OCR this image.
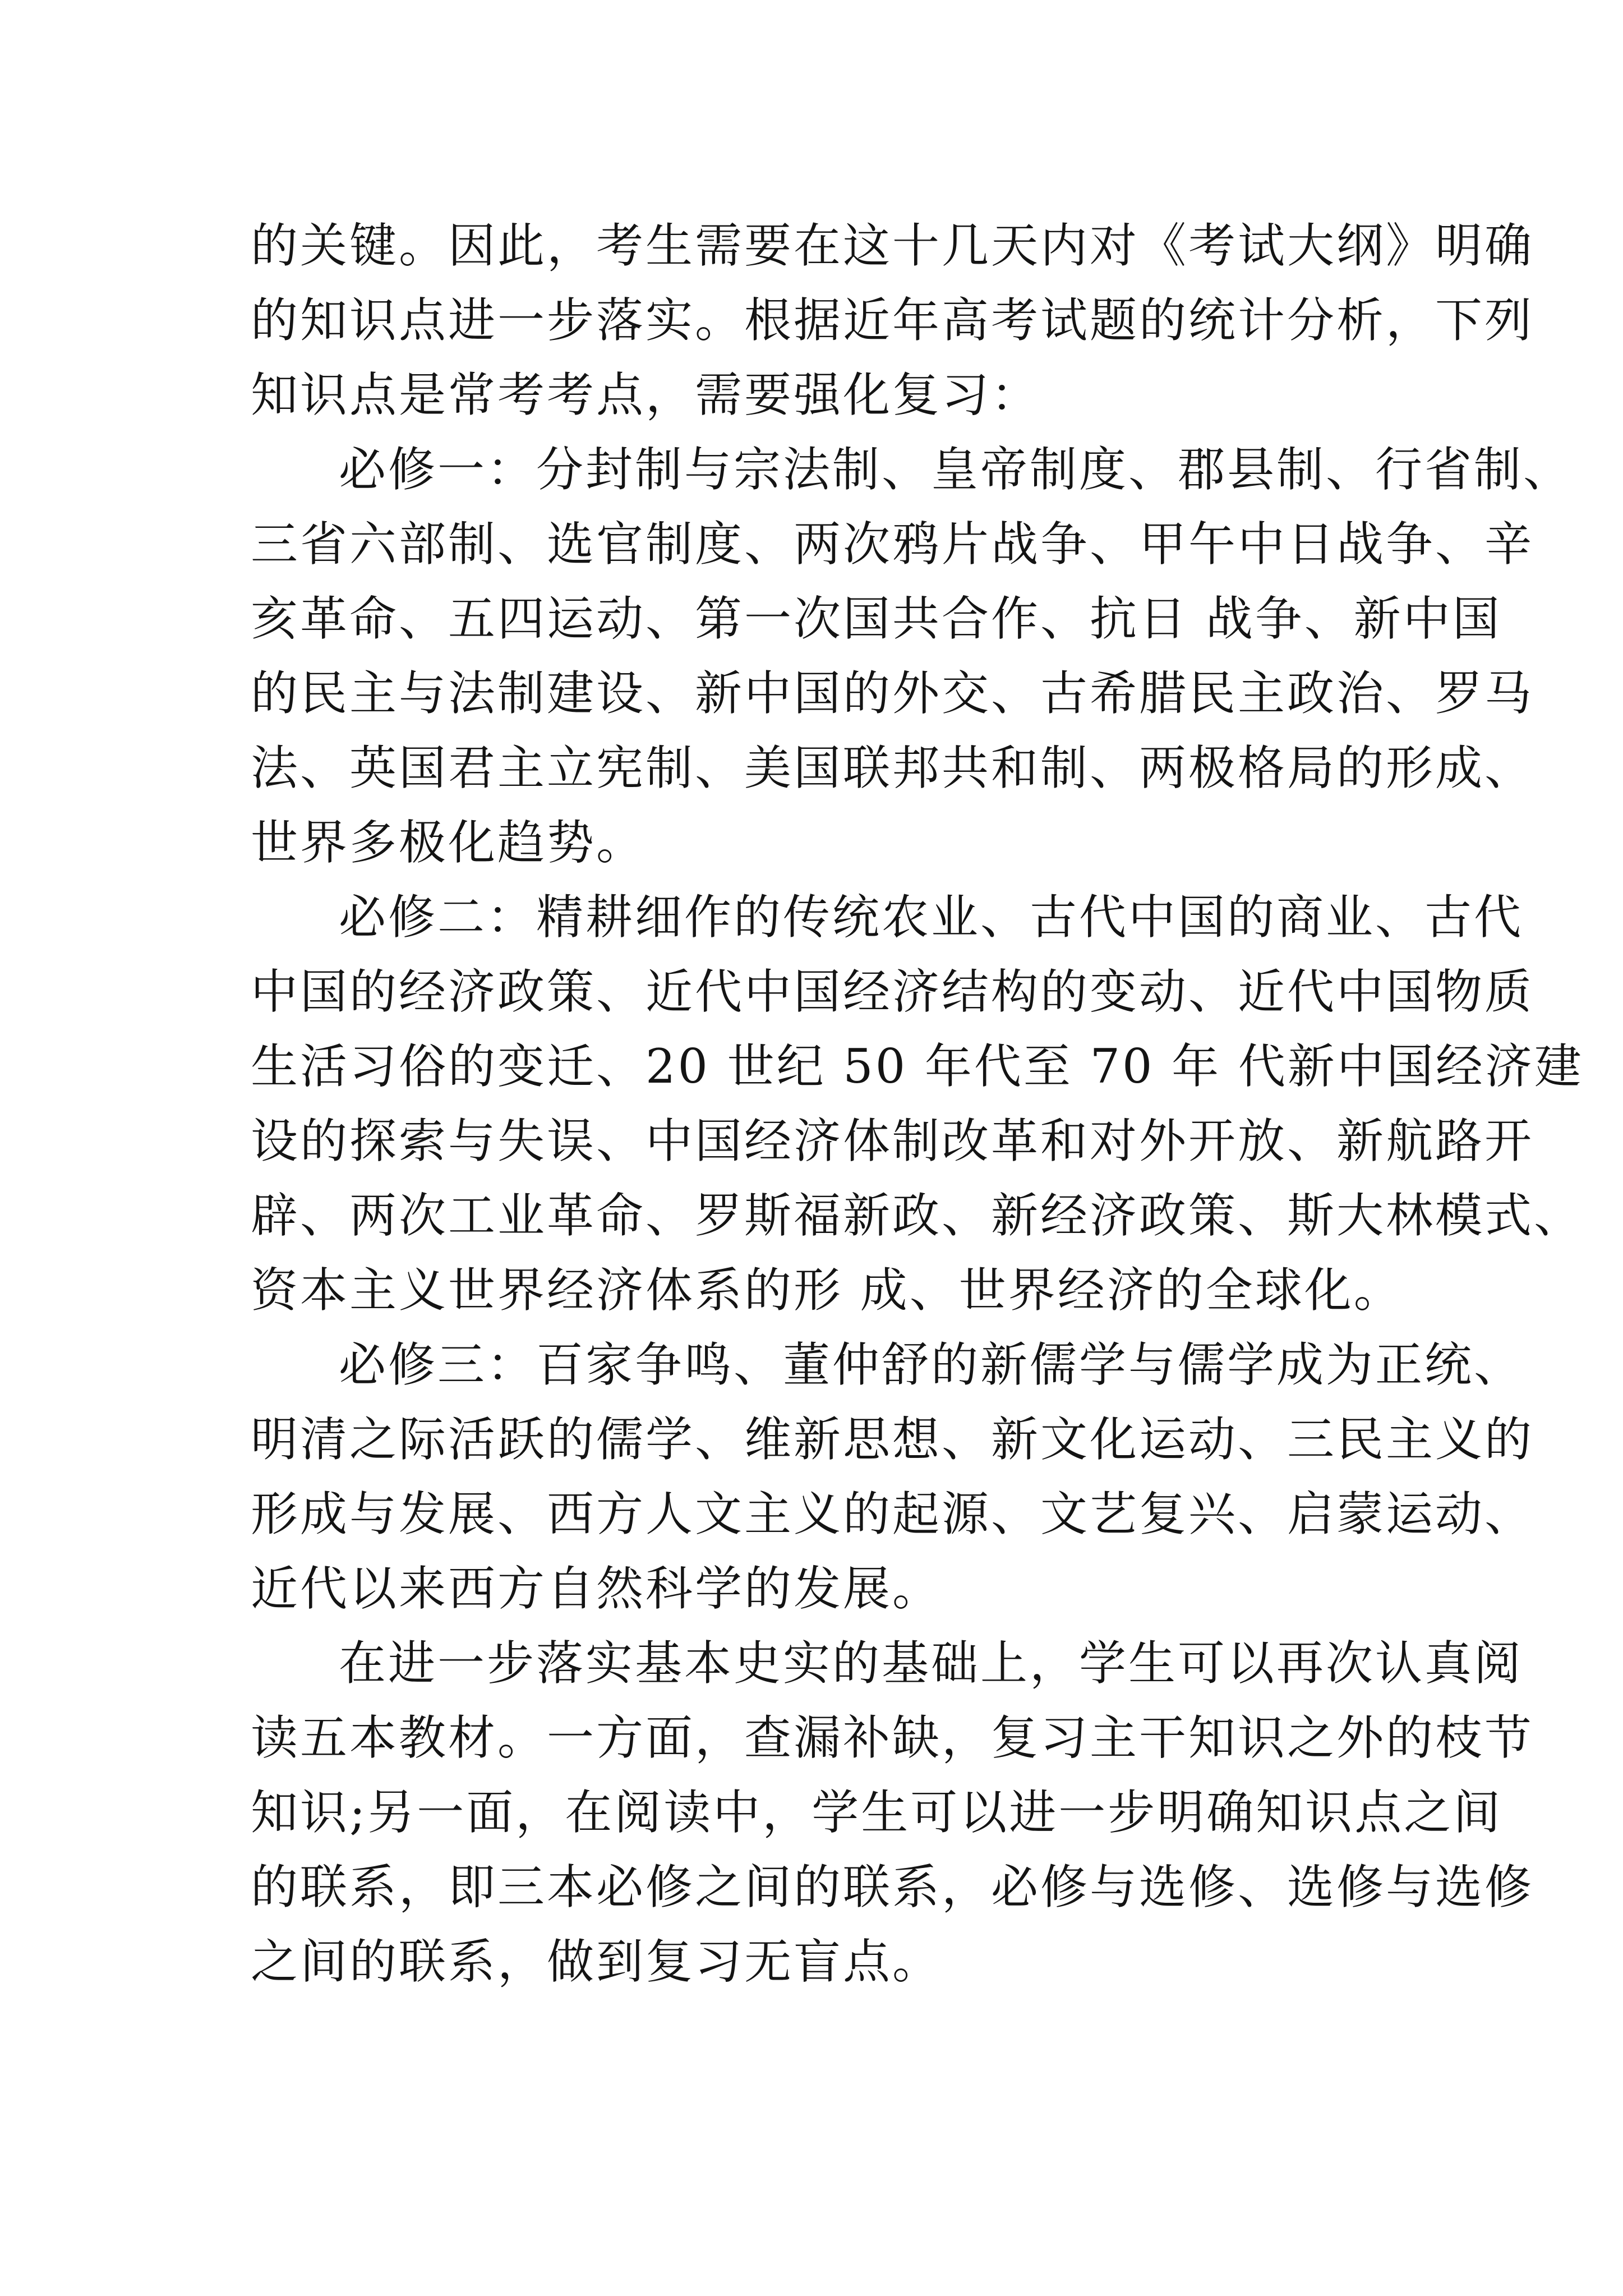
的关键。因此，考生需要在这十几天内对《考试大纲》明确
的知识点进一步落实。根据近年高考试题的统计分析，下列
知识点是常考考点，需要强化复习：
必修一：分封制与宗法制、皇帝制度、郡县制、行省制、
三省六部制、选官制度、两次鸦片战争、甲午中日战争、辛
亥革命、五四运动、第一次国共合作、抗日 战争、新中国
的民主与法制建设、新中国的外交、古希腊民主政治、罗马
法、英国君主立宪制、美国联邦共和制、两极格局的形成、
世界多极化趋势。
必修二：精耕细作的传统农业、古代中国的商业、古代
中国的经济政策、近代中国经济结构的变动、近代中国物质
生活习俗的变迁、20 世纪 50 年代至 70 年 代新中国经济建
设的探索与失误、中国经济体制改革和对外开放、新航路开
辟、两次工业革命、罗斯福新政、新经济政策、斯大林模式、
资本主义世界经济体系的形 成、世界经济的全球化。
必修三：百家争鸣、董仲舒的新儒学与儒学成为正统、
明清之际活跃的儒学、维新思想、新文化运动、三民主义的
形成与发展、西方人文主义的起源、文艺复兴、启蒙运动、
近代以来西方自然科学的发展。
在进一步落实基本史实的基础上，学生可以再次认真阅
读五本教材。一方面，查漏补缺，复习主干知识之外的枝节
知识;另一面，在阅读中，学生可以进一步明确知识点之间
的联系，即三本必修之间的联系，必修与选修、选修与选修
之间的联系，做到复习无盲点。
